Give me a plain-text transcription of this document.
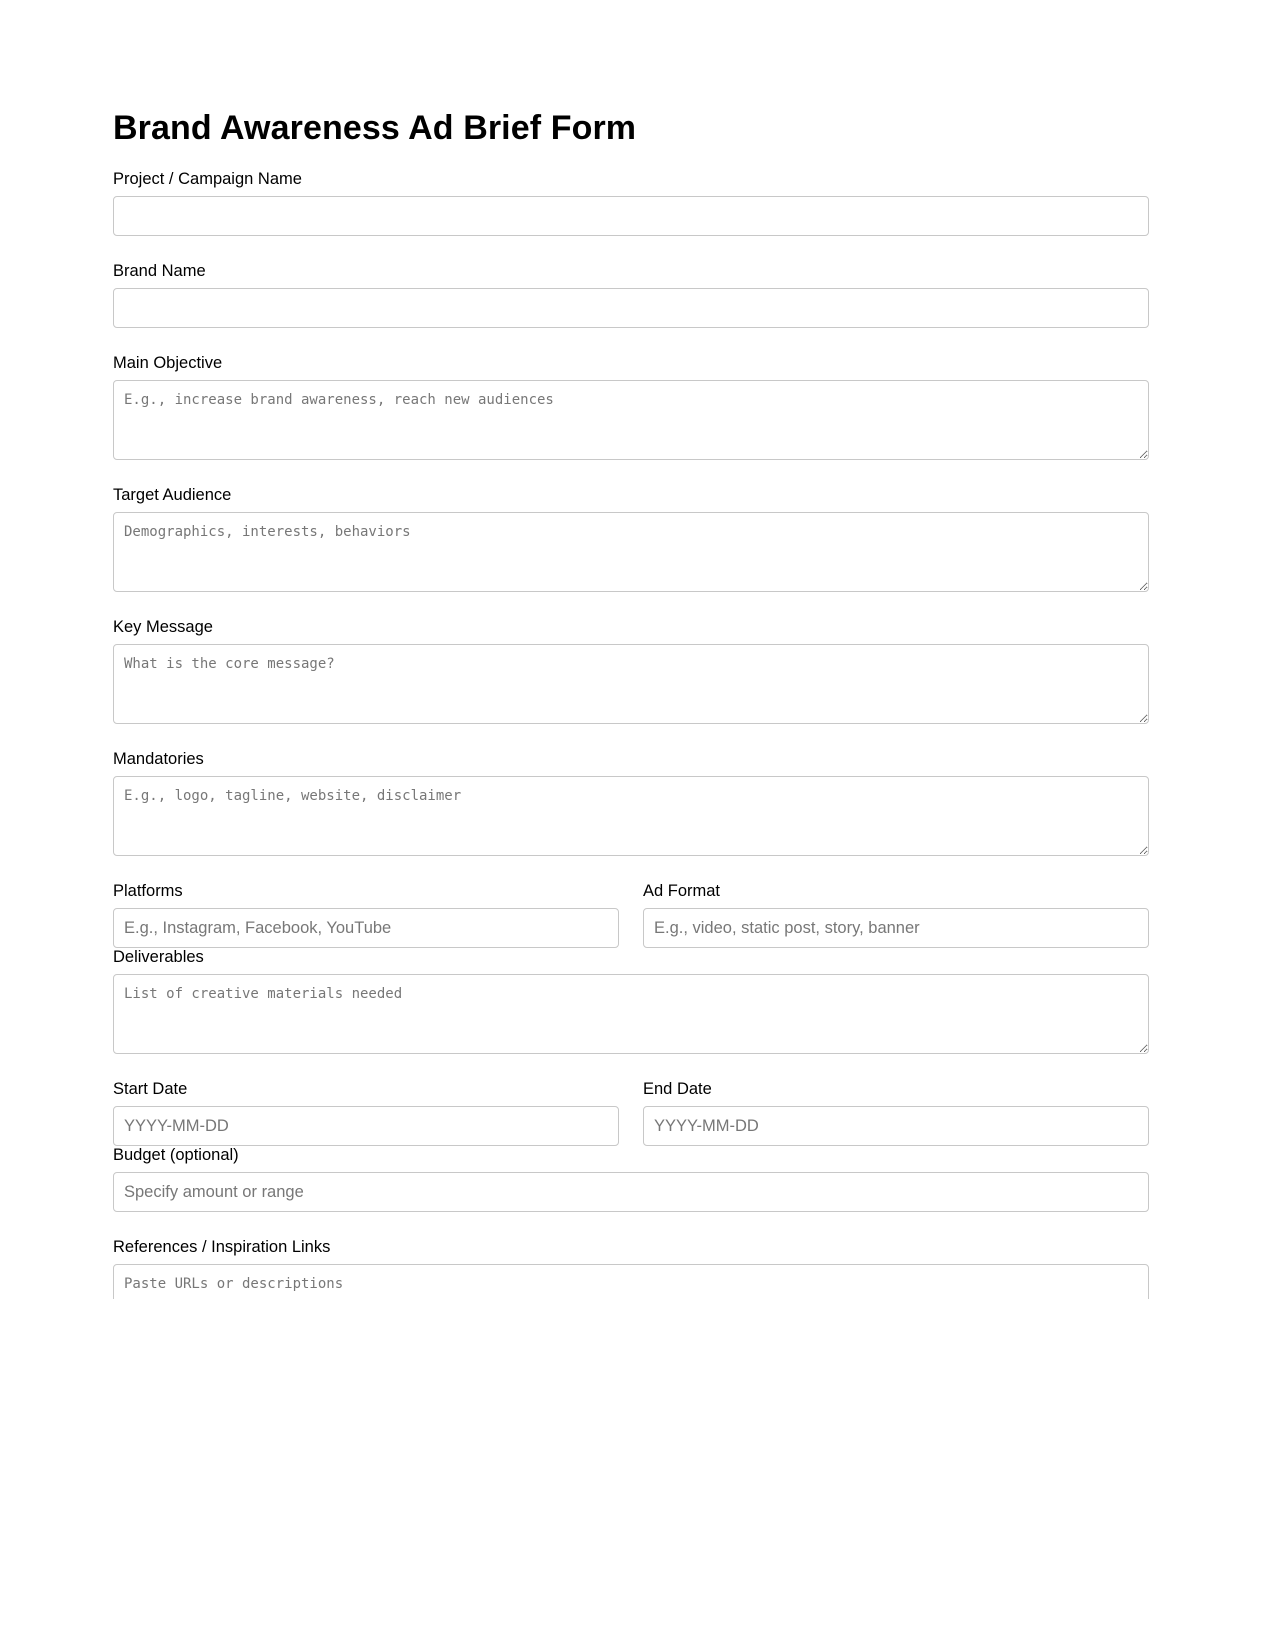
Brand Awareness Ad Brief Form
Project / Campaign Name
Brand Name
Main Objective
E.g., increase brand awareness, reach new audiences
Target Audience
Demographics, interests, behaviors
Key Message
What is the core message?
Mandatories
E.g., logo, tagline, website, disclaimer
Platforms
E.g., Instagram, Facebook, YouTube	Ad Format
E.g., video, static post, story, banner
Deliverables
List of creative materials needed
Start Date
YYYY-MM-DD	End Date
YYYY-MM-DD
Budget (optional)
Specify amount or range
References / Inspiration Links
Paste URLs or descriptions
